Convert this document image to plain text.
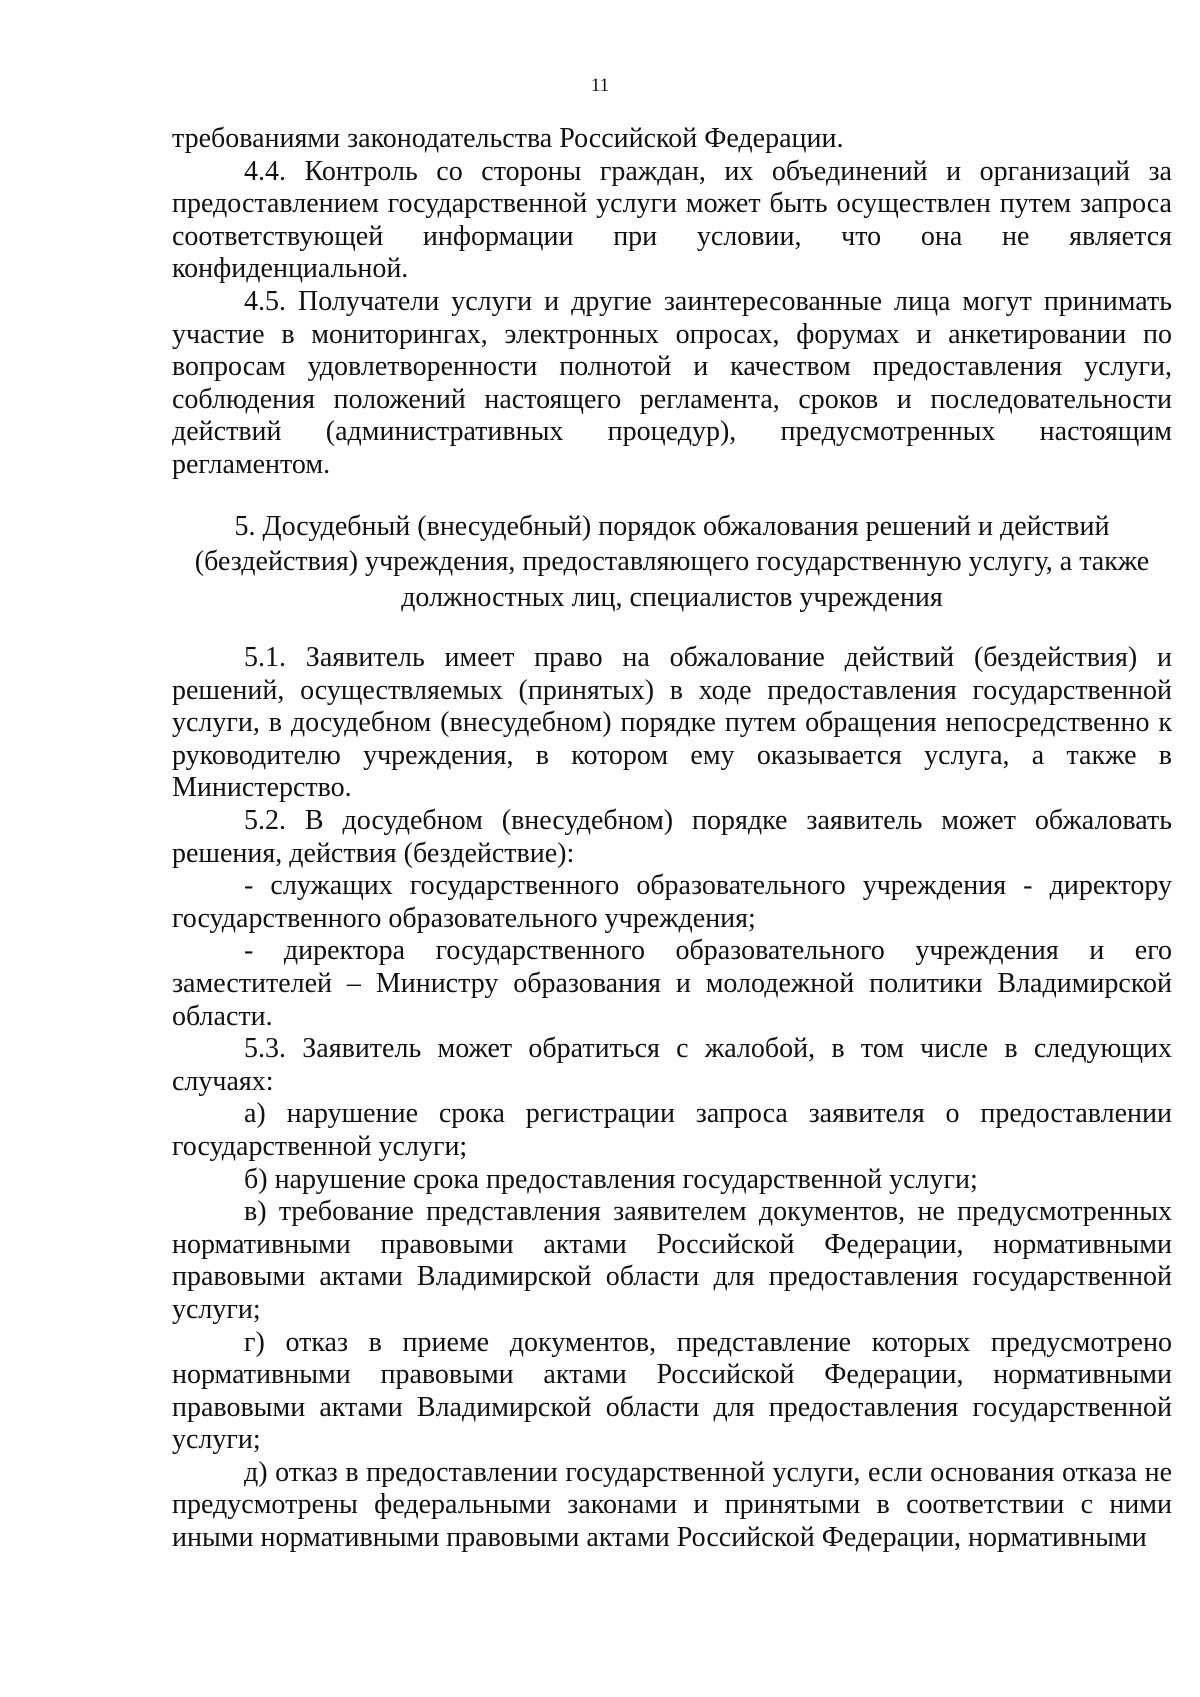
11

требованиями законодательства Российской Федерации.

4.4. Контроль со стороны граждан, их объединений и организаций за предоставлением государственной услуги может быть осуществлен путем запроса соответствующей информации при условии, что она не является конфиденциальной.

4.5. Получатели услуги и другие заинтересованные лица могут принимать участие в мониторингах, электронных опросах, форумах и анкетировании по вопросам удовлетворенности полнотой и качеством предоставления услуги, соблюдения положений настоящего регламента, сроков и последовательности действий (административных процедур), предусмотренных настоящим регламентом.

5. Досудебный (внесудебный) порядок обжалования решений и действий (бездействия) учреждения, предоставляющего государственную услугу, а также должностных лиц, специалистов учреждения

5.1. Заявитель имеет право на обжалование действий (бездействия) и решений, осуществляемых (принятых) в ходе предоставления государственной услуги, в досудебном (внесудебном) порядке путем обращения непосредственно к руководителю учреждения, в котором ему оказывается услуга, а также в Министерство.

5.2. В досудебном (внесудебном) порядке заявитель может обжаловать решения, действия (бездействие):

- служащих государственного образовательного учреждения - директору государственного образовательного учреждения;

- директора государственного образовательного учреждения и его заместителей – Министру образования и молодежной политики Владимирской области.

5.3. Заявитель может обратиться с жалобой, в том числе в следующих случаях:

а) нарушение срока регистрации запроса заявителя о предоставлении государственной услуги;

б) нарушение срока предоставления государственной услуги;

в) требование представления заявителем документов, не предусмотренных нормативными правовыми актами Российской Федерации, нормативными правовыми актами Владимирской области для предоставления государственной услуги;

г) отказ в приеме документов, представление которых предусмотрено нормативными правовыми актами Российской Федерации, нормативными правовыми актами Владимирской области для предоставления государственной услуги;

д) отказ в предоставлении государственной услуги, если основания отказа не предусмотрены федеральными законами и принятыми в соответствии с ними иными нормативными правовыми актами Российской Федерации, нормативными
